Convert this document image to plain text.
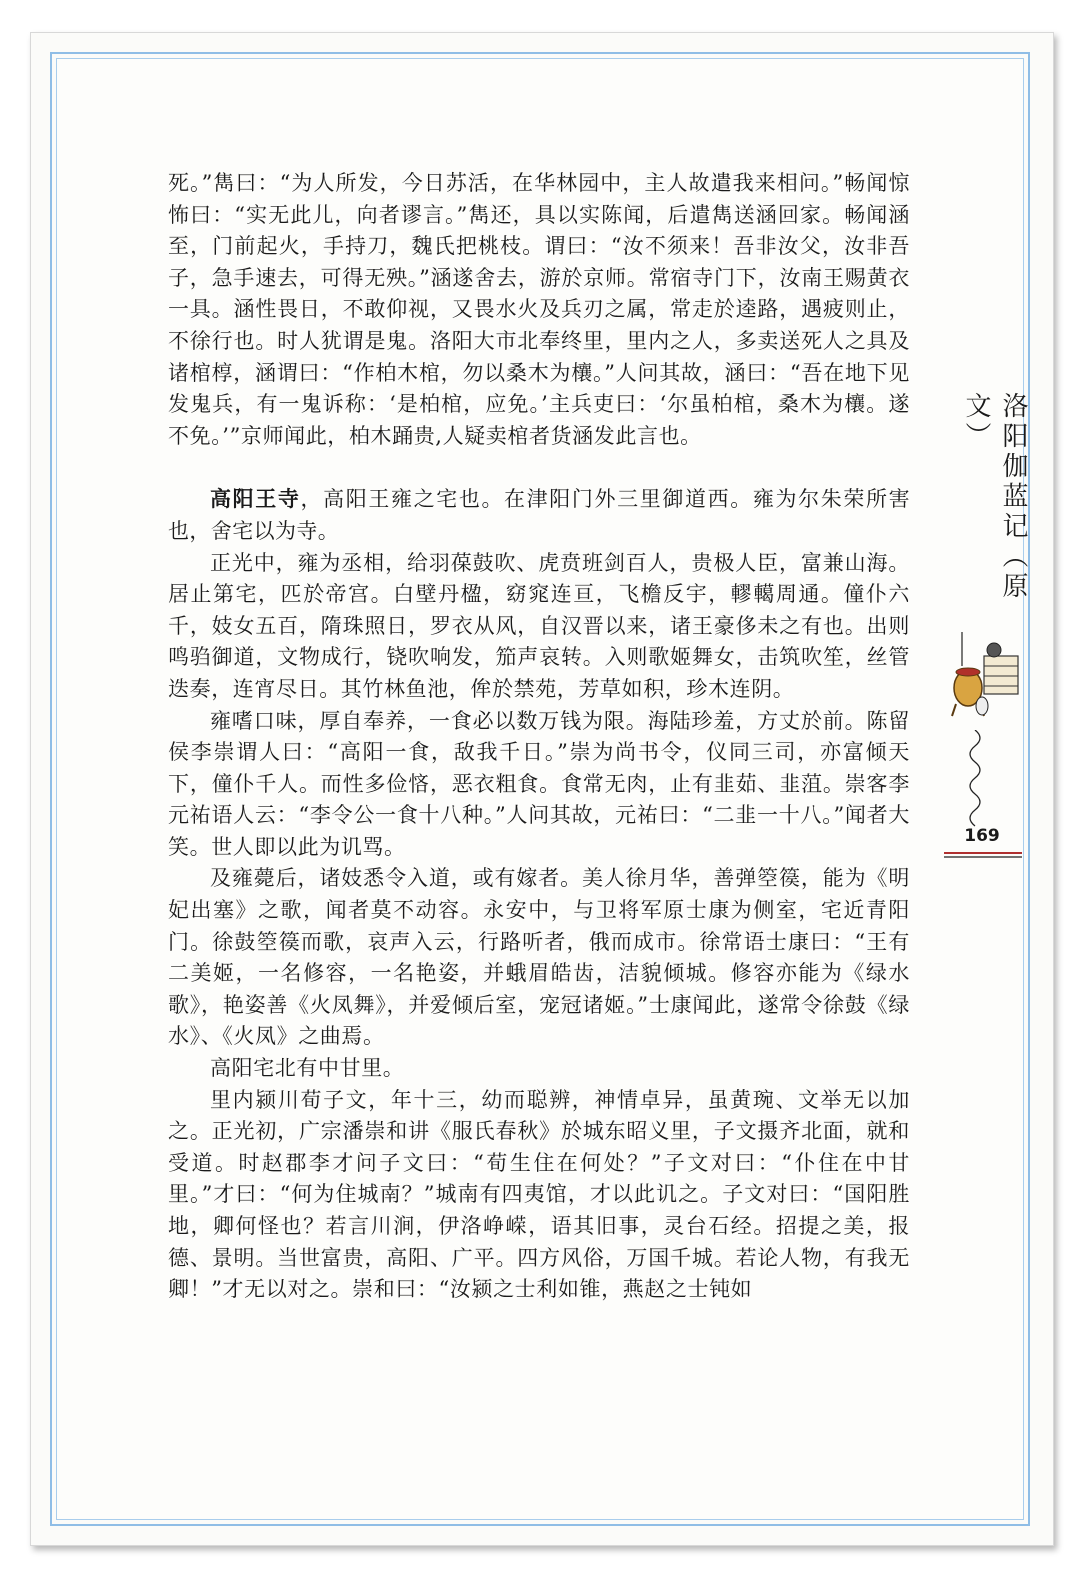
死。”雋曰：“为人所发，今日苏活，在华林园中，主人故遣我来相问。”畅闻惊怖曰：“实无此儿，向者谬言。”雋还，具以实陈闻，后遣雋送涵回家。畅闻涵至，门前起火，手持刀，魏氏把桃枝。谓曰：“汝不须来！吾非汝父，汝非吾子，急手速去，可得无殃。”涵遂舍去，游於京师。常宿寺门下，汝南王赐黄衣一具。涵性畏日，不敢仰视，又畏水火及兵刃之属，常走於逵路，遇疲则止，不徐行也。时人犹谓是鬼。洛阳大市北奉终里，里内之人，多卖送死人之具及诸棺椁，涵谓曰：“作柏木棺，勿以桑木为欀。”人问其故，涵曰：“吾在地下见发鬼兵，有一鬼诉称：‘是柏棺，应免。’主兵吏曰：‘尔虽柏棺，桑木为欀。遂不免。’”京师闻此，柏木踊贵,人疑卖棺者货涵发此言也。

高阳王寺，高阳王雍之宅也。在津阳门外三里御道西。雍为尔朱荣所害也，舍宅以为寺。

正光中，雍为丞相，给羽葆鼓吹、虎贲班剑百人，贵极人臣，富兼山海。居止第宅，匹於帝宫。白壁丹楹，窈窕连亘，飞檐反宇，轇轕周通。僮仆六千，妓女五百，隋珠照日，罗衣从风，自汉晋以来，诸王豪侈未之有也。出则鸣驺御道，文物成行，铙吹响发，笳声哀转。入则歌姬舞女，击筑吹笙，丝管迭奏，连宵尽日。其竹林鱼池，侔於禁苑，芳草如积，珍木连阴。

雍嗜口味，厚自奉养，一食必以数万钱为限。海陆珍羞，方丈於前。陈留侯李崇谓人曰：“高阳一食，敌我千日。”崇为尚书令，仪同三司，亦富倾天下，僮仆千人。而性多俭悋，恶衣粗食。食常无肉，止有韭茹、韭菹。崇客李元祐语人云：“李令公一食十八种。”人问其故，元祐曰：“二韭一十八。”闻者大笑。世人即以此为讥骂。

及雍薨后，诸妓悉令入道，或有嫁者。美人徐月华，善弹箜篌，能为《明妃出塞》之歌，闻者莫不动容。永安中，与卫将军原士康为侧室，宅近青阳门。徐鼓箜篌而歌，哀声入云，行路听者，俄而成市。徐常语士康曰：“王有二美姬，一名修容，一名艳姿，并蛾眉皓齿，洁貌倾城。修容亦能为《绿水歌》，艳姿善《火凤舞》，并爱倾后室，宠冠诸姬。”士康闻此，遂常令徐鼓《绿水》、《火凤》之曲焉。

高阳宅北有中甘里。

里内颍川荀子文，年十三，幼而聪辨，神情卓异，虽黄琬、文举无以加之。正光初，广宗潘崇和讲《服氏春秋》於城东昭义里，子文摄齐北面，就和受道。时赵郡李才问子文曰：“荀生住在何处？”子文对曰：“仆住在中甘里。”才曰：“何为住城南？”城南有四夷馆，才以此讥之。子文对曰：“国阳胜地，卿何怪也？若言川涧，伊洛峥嵘，语其旧事，灵台石经。招提之美，报德、景明。当世富贵，高阳、广平。四方风俗，万国千城。若论人物，有我无卿！”才无以对之。崇和曰：“汝颍之士利如锥，燕赵之士钝如

洛阳伽蓝记（原文）
169
